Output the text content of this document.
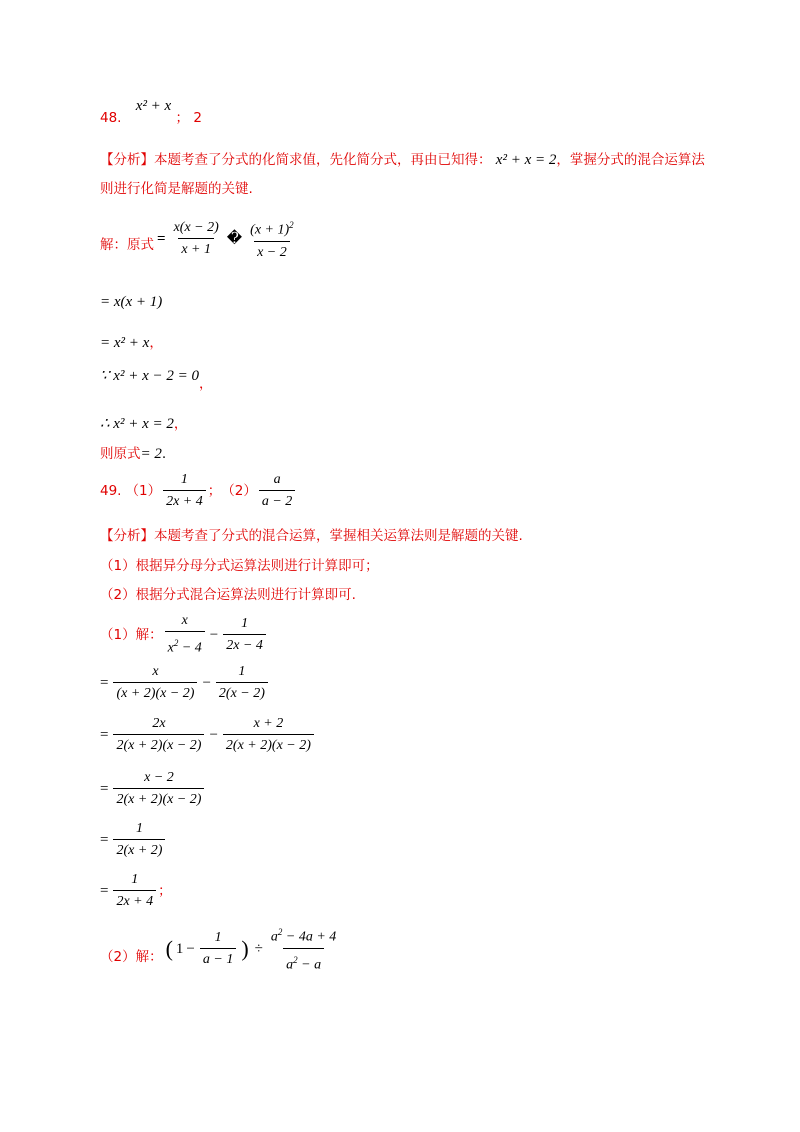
48. x² + x ； 2
【分析】本题考查了分式的化简求值，先化简分式，再由已知得： x² + x = 2，掌握分式的混合运算法
则进行化简是解题的关键.
解：原式 = $\frac{x(x - 2)}{x + 1}$ � $\frac{(x + 1)^2}{x - 2}$
= x(x + 1)
= x² + x，
∵ x² + x − 2 = 0，
∴ x² + x = 2，
则原式= 2.
49. $(1) \frac{1}{2x + 4}$ ； $(2) \frac{a}{a - 2}$
【分析】本题考查了分式的混合运算，掌握相关运算法则是解题的关键.
（1）根据异分母分式运算法则进行计算即可；
（2）根据分式混合运算法则进行计算即可.
（1）解： $\frac{x}{x^2 - 4} - \frac{1}{2x - 4}$
= $\frac{x}{(x + 2)(x - 2)} - \frac{1}{2(x - 2)}$
= $\frac{2x}{2(x + 2)(x - 2)} - \frac{x + 2}{2(x + 2)(x - 2)}$
= $\frac{x - 2}{2(x + 2)(x - 2)}$
= $\frac{1}{2(x + 2)}$
= $\frac{1}{2x + 4}$ ；
（2）解： ( $1 - \frac{1}{a - 1}$ ) ÷ $\frac{a^2 - 4a + 4}{a^2 - a}$
